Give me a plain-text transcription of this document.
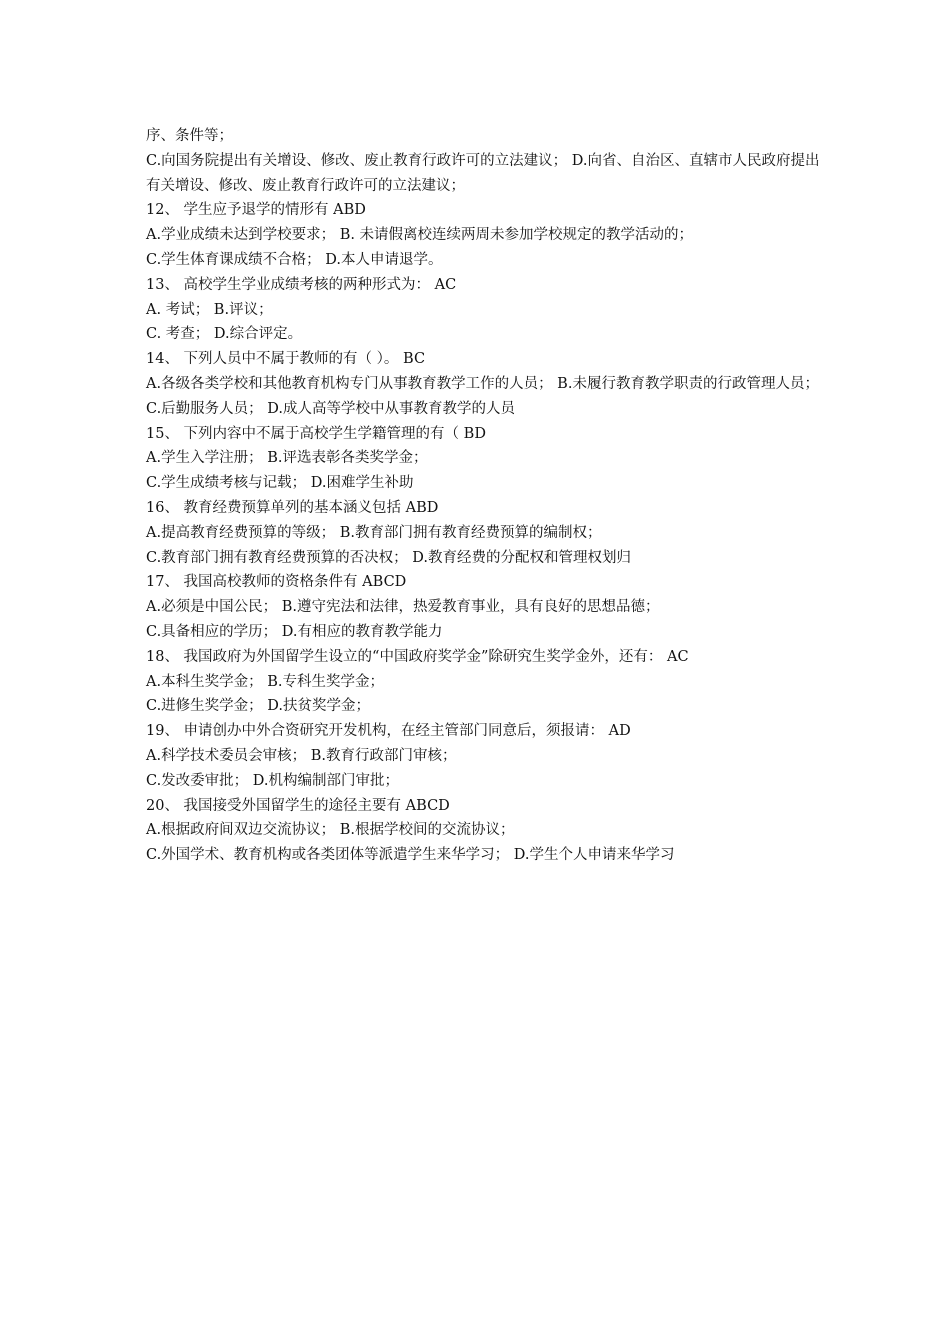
序、条件等；

C.向国务院提出有关增设、修改、废止教育行政许可的立法建议； D.向省、自治区、直辖市人民政府提出有关增设、修改、废止教育行政许可的立法建议；

12、 学生应予退学的情形有 ABD

A.学业成绩未达到学校要求； B. 未请假离校连续两周未参加学校规定的教学活动的；

C.学生体育课成绩不合格； D.本人申请退学。

13、 高校学生学业成绩考核的两种形式为： AC

A. 考试； B.评议；

C. 考查； D.综合评定。

14、 下列人员中不属于教师的有（ ）。 BC

A.各级各类学校和其他教育机构专门从事教育教学工作的人员； B.未履行教育教学职责的行政管理人员；

C.后勤服务人员； D.成人高等学校中从事教育教学的人员

15、 下列内容中不属于高校学生学籍管理的有（ BD

A.学生入学注册； B.评选表彰各类奖学金；

C.学生成绩考核与记载； D.困难学生补助

16、 教育经费预算单列的基本涵义包括 ABD

A.提高教育经费预算的等级； B.教育部门拥有教育经费预算的编制权；

C.教育部门拥有教育经费预算的否决权； D.教育经费的分配权和管理权划归

17、 我国高校教师的资格条件有 ABCD

A.必须是中国公民； B.遵守宪法和法律，热爱教育事业，具有良好的思想品德；

C.具备相应的学历； D.有相应的教育教学能力

18、 我国政府为外国留学生设立的“中国政府奖学金”除研究生奖学金外，还有： AC

A.本科生奖学金； B.专科生奖学金；

C.进修生奖学金； D.扶贫奖学金；

19、 申请创办中外合资研究开发机构，在经主管部门同意后，须报请： AD

A.科学技术委员会审核； B.教育行政部门审核；

C.发改委审批； D.机构编制部门审批；

20、 我国接受外国留学生的途径主要有 ABCD

A.根据政府间双边交流协议； B.根据学校间的交流协议；

C.外国学术、教育机构或各类团体等派遣学生来华学习； D.学生个人申请来华学习
